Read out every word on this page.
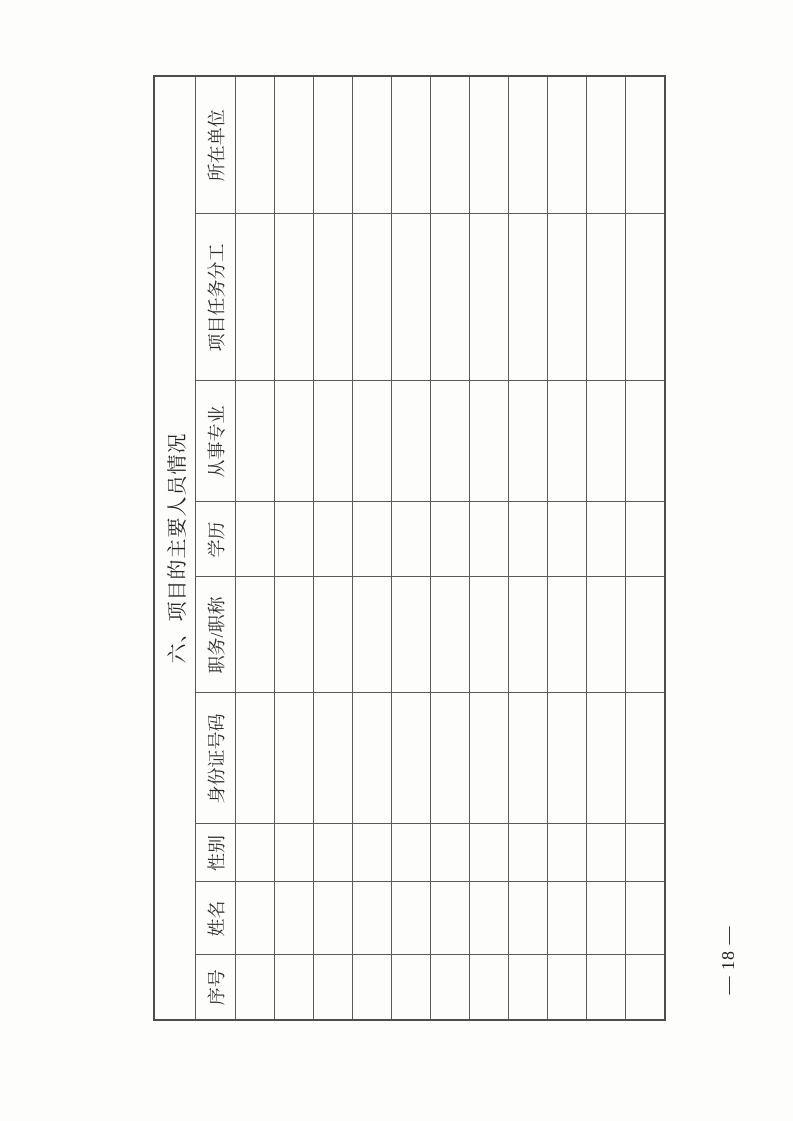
六、项目的主要人员情况								
序号	姓名	性别	身份证号码	职务/职称	学历	从事专业	项目任务分工	所在单位

— 18 —
